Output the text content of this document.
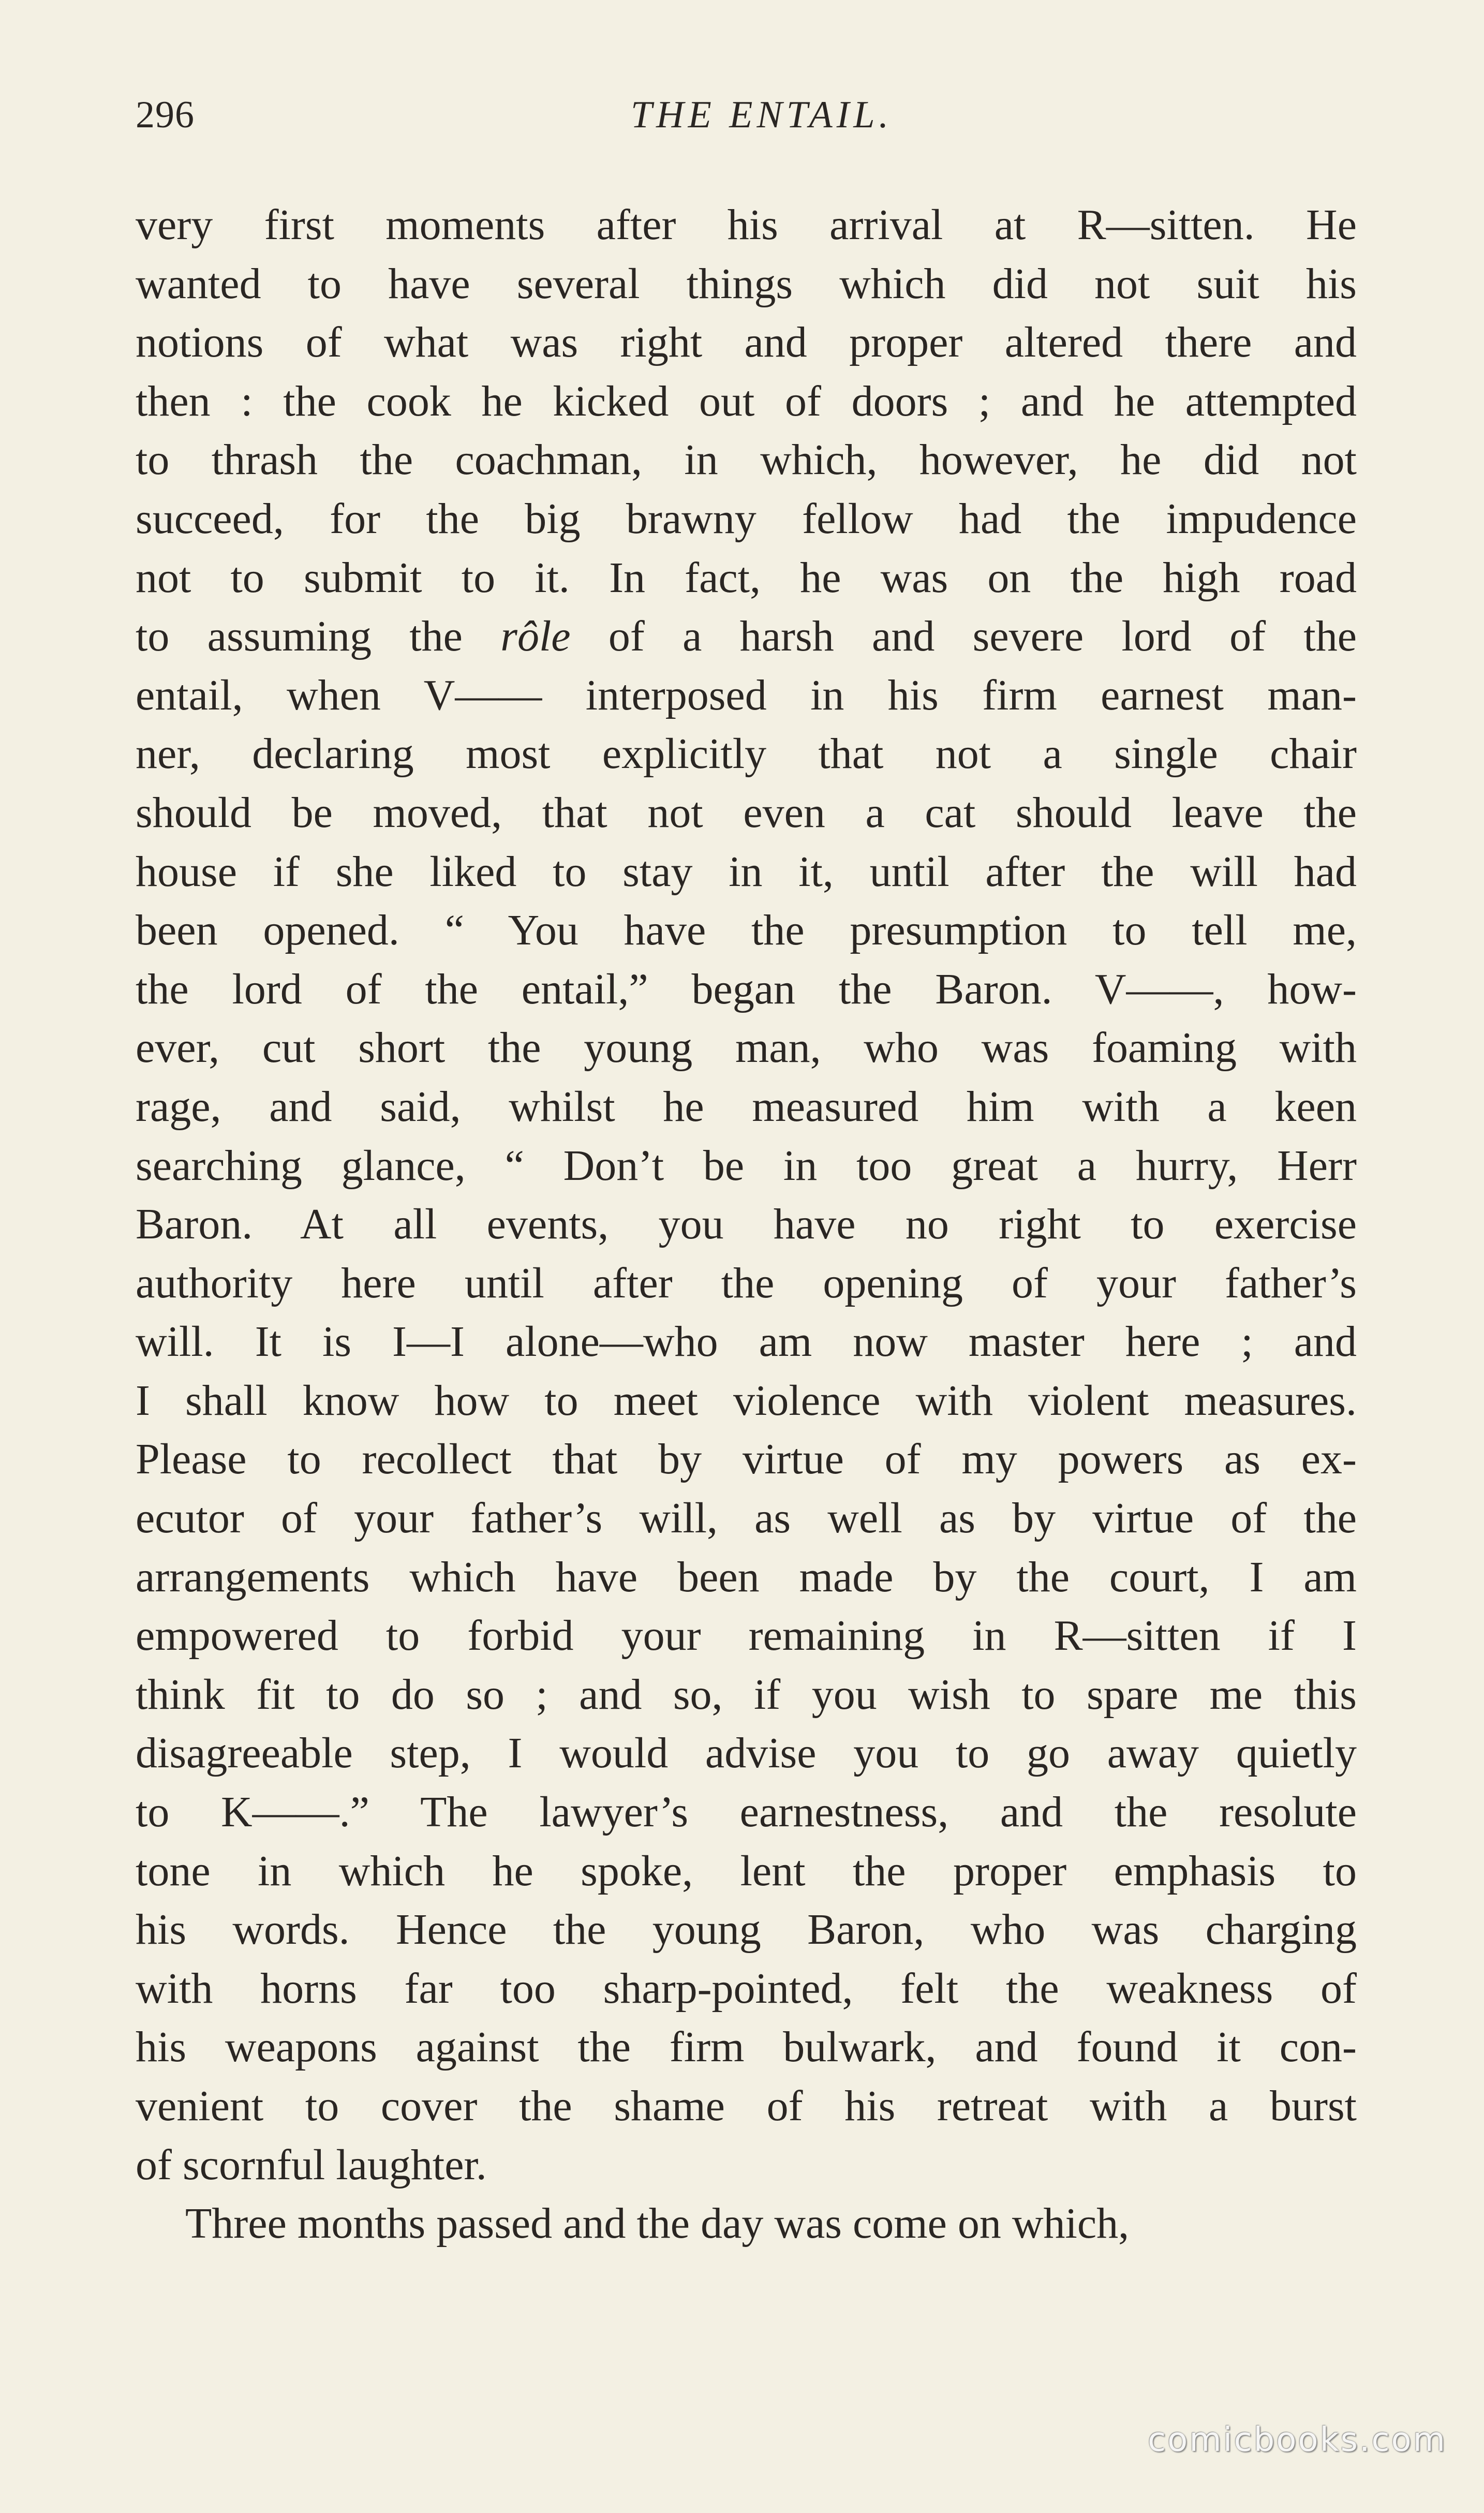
296	THE ENTAIL.
very first moments after his arrival at R—sitten. He
wanted to have several things which did not suit his
notions of what was right and proper altered there and
then : the cook he kicked out of doors ; and he attempted
to thrash the coachman, in which, however, he did not
succeed, for the big brawny fellow had the impudence
not to submit to it. In fact, he was on the high road
to assuming the rôle of a harsh and severe lord of the
entail, when V—— interposed in his firm earnest man-
ner, declaring most explicitly that not a single chair
should be moved, that not even a cat should leave the
house if she liked to stay in it, until after the will had
been opened. “ You have the presumption to tell me,
the lord of the entail,” began the Baron. V——, how-
ever, cut short the young man, who was foaming with
rage, and said, whilst he measured him with a keen
searching glance, “ Don’t be in too great a hurry, Herr
Baron. At all events, you have no right to exercise
authority here until after the opening of your father’s
will. It is I—I alone—who am now master here ; and
I shall know how to meet violence with violent measures.
Please to recollect that by virtue of my powers as ex-
ecutor of your father’s will, as well as by virtue of the
arrangements which have been made by the court, I am
empowered to forbid your remaining in R—sitten if I
think fit to do so ; and so, if you wish to spare me this
disagreeable step, I would advise you to go away quietly
to K——.” The lawyer’s earnestness, and the resolute
tone in which he spoke, lent the proper emphasis to
his words. Hence the young Baron, who was charging
with horns far too sharp-pointed, felt the weakness of
his weapons against the firm bulwark, and found it con-
venient to cover the shame of his retreat with a burst
of scornful laughter.
Three months passed and the day was come on which,
comicbooks.com
